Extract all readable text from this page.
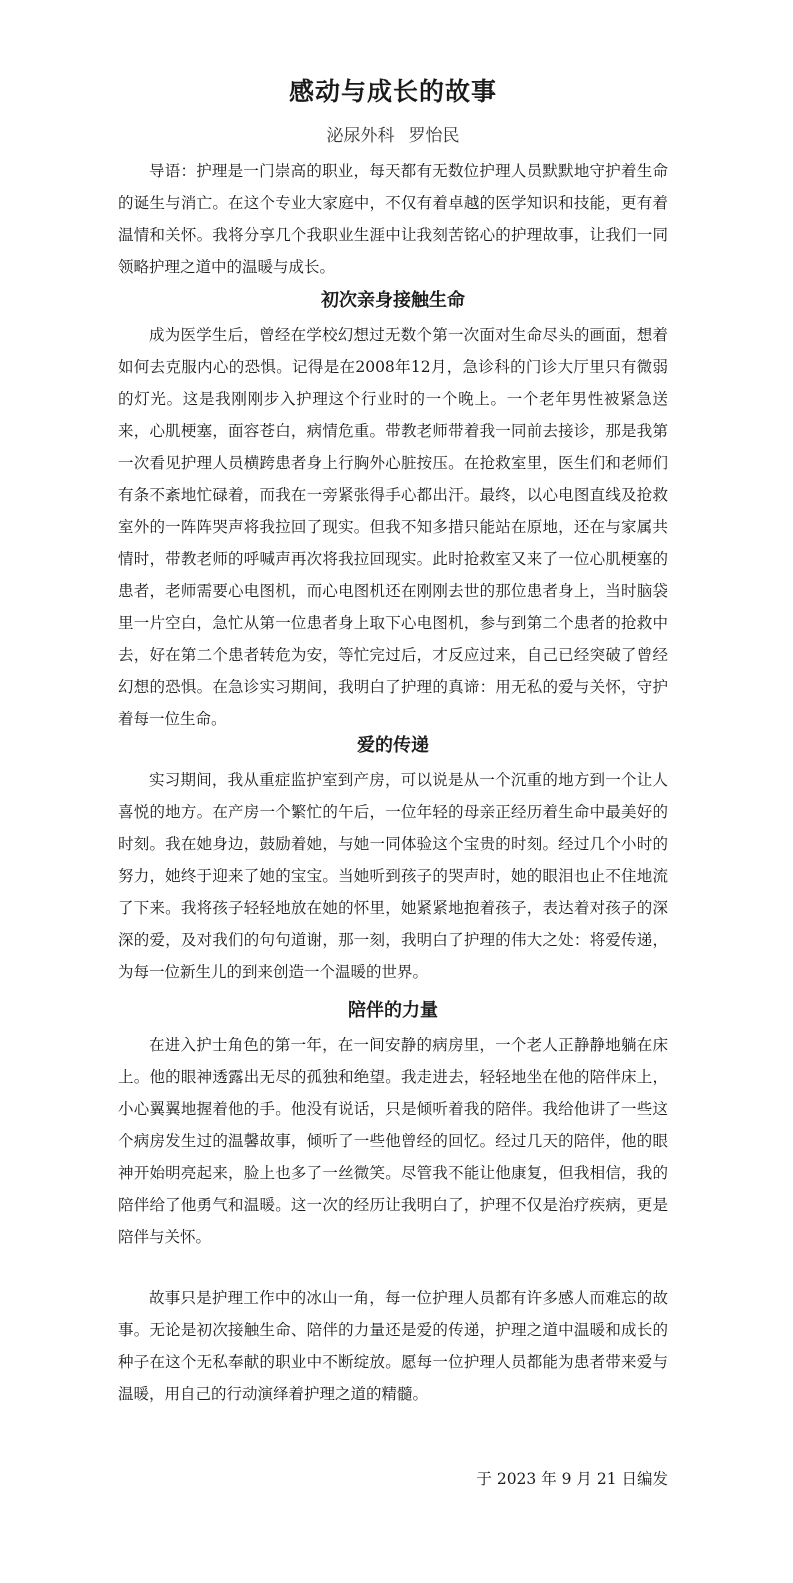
感动与成长的故事
泌尿外科 罗怡民

导语：护理是一门崇高的职业，每天都有无数位护理人员默默地守护着生命的诞生与消亡。在这个专业大家庭中，不仅有着卓越的医学知识和技能，更有着温情和关怀。我将分享几个我职业生涯中让我刻苦铭心的护理故事，让我们一同领略护理之道中的温暖与成长。

初次亲身接触生命

成为医学生后，曾经在学校幻想过无数个第一次面对生命尽头的画面，想着如何去克服内心的恐惧。记得是在2008年12月，急诊科的门诊大厅里只有微弱的灯光。这是我刚刚步入护理这个行业时的一个晚上。一个老年男性被紧急送来，心肌梗塞，面容苍白，病情危重。带教老师带着我一同前去接诊，那是我第一次看见护理人员横跨患者身上行胸外心脏按压。在抢救室里，医生们和老师们有条不紊地忙碌着，而我在一旁紧张得手心都出汗。最终，以心电图直线及抢救室外的一阵阵哭声将我拉回了现实。但我不知多措只能站在原地，还在与家属共情时，带教老师的呼喊声再次将我拉回现实。此时抢救室又来了一位心肌梗塞的患者，老师需要心电图机，而心电图机还在刚刚去世的那位患者身上，当时脑袋里一片空白，急忙从第一位患者身上取下心电图机，参与到第二个患者的抢救中去，好在第二个患者转危为安，等忙完过后，才反应过来，自己已经突破了曾经幻想的恐惧。在急诊实习期间，我明白了护理的真谛：用无私的爱与关怀，守护着每一位生命。

爱的传递

实习期间，我从重症监护室到产房，可以说是从一个沉重的地方到一个让人喜悦的地方。在产房一个繁忙的午后，一位年轻的母亲正经历着生命中最美好的时刻。我在她身边，鼓励着她，与她一同体验这个宝贵的时刻。经过几个小时的努力，她终于迎来了她的宝宝。当她听到孩子的哭声时，她的眼泪也止不住地流了下来。我将孩子轻轻地放在她的怀里，她紧紧地抱着孩子，表达着对孩子的深深的爱，及对我们的句句道谢，那一刻，我明白了护理的伟大之处：将爱传递，为每一位新生儿的到来创造一个温暖的世界。

陪伴的力量

在进入护士角色的第一年，在一间安静的病房里，一个老人正静静地躺在床上。他的眼神透露出无尽的孤独和绝望。我走进去，轻轻地坐在他的陪伴床上，小心翼翼地握着他的手。他没有说话，只是倾听着我的陪伴。我给他讲了一些这个病房发生过的温馨故事，倾听了一些他曾经的回忆。经过几天的陪伴，他的眼神开始明亮起来，脸上也多了一丝微笑。尽管我不能让他康复，但我相信，我的陪伴给了他勇气和温暖。这一次的经历让我明白了，护理不仅是治疗疾病，更是陪伴与关怀。

故事只是护理工作中的冰山一角，每一位护理人员都有许多感人而难忘的故事。无论是初次接触生命、陪伴的力量还是爱的传递，护理之道中温暖和成长的种子在这个无私奉献的职业中不断绽放。愿每一位护理人员都能为患者带来爱与温暖，用自己的行动演绎着护理之道的精髓。

于 2023 年 9 月 21 日编发
